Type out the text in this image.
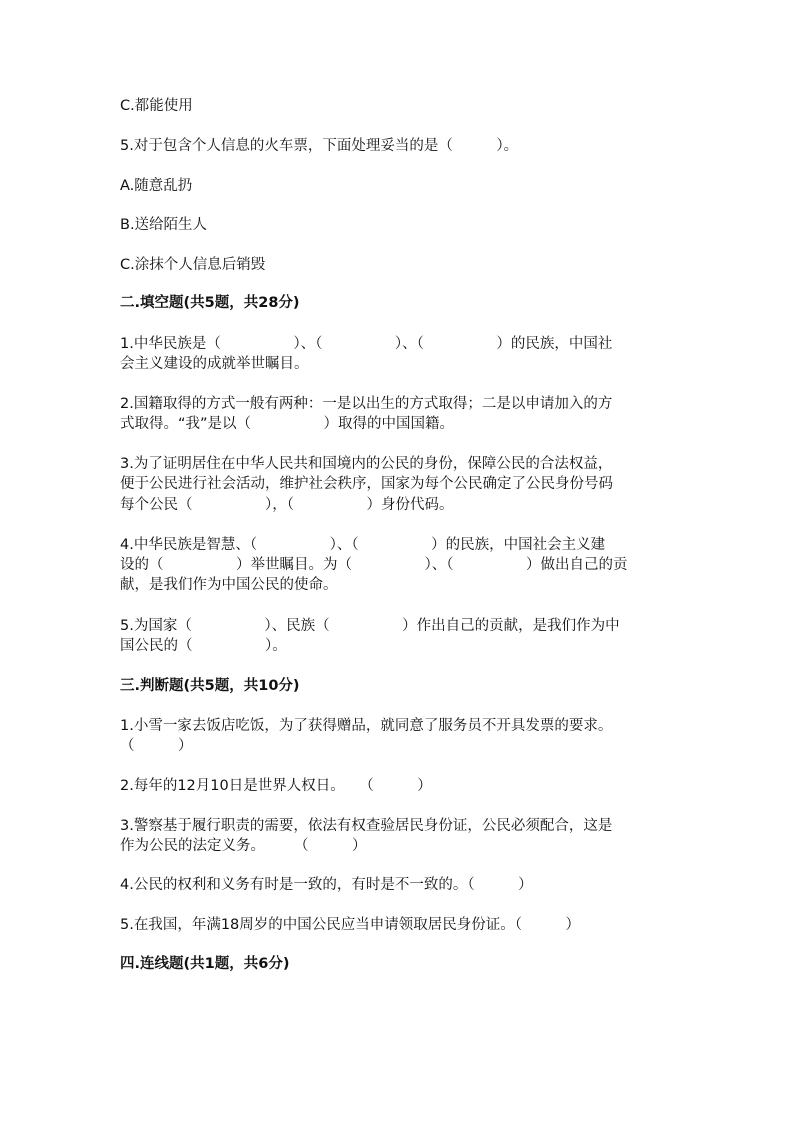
C.都能使用
5.对于包含个人信息的火车票，下面处理妥当的是（　　　）。
A.随意乱扔
B.送给陌生人
C.涂抹个人信息后销毁
二.填空题(共5题，共28分)
1.中华民族是（　　　　　）、（　　　　　）、（　　　　　）的民族，中国社
会主义建设的成就举世瞩目。
2.国籍取得的方式一般有两种：一是以出生的方式取得；二是以申请加入的方
式取得。“我”是以（　　　　　）取得的中国国籍。
3.为了证明居住在中华人民共和国境内的公民的身份，保障公民的合法权益，
便于公民进行社会活动，维护社会秩序，国家为每个公民确定了公民身份号码
每个公民（　　　　　），（　　　　　）身份代码。
4.中华民族是智慧、（　　　　　）、（　　　　　）的民族，中国社会主义建
设的（　　　　　）举世瞩目。为（　　　　　）、（　　　　　）做出自己的贡
献，是我们作为中国公民的使命。
5.为国家（　　　　　）、民族（　　　　　）作出自己的贡献，是我们作为中
国公民的（　　　　　）。
三.判断题(共5题，共10分)
1.小雪一家去饭店吃饭，为了获得赠品，就同意了服务员不开具发票的要求。
（　　　）
2.每年的12月10日是世界人权日。　　（　　　）
3.警察基于履行职责的需要，依法有权查验居民身份证，公民必须配合，这是
作为公民的法定义务。　　　（　　　）
4.公民的权利和义务有时是一致的，有时是不一致的。（　　　）
5.在我国，年满18周岁的中国公民应当申请领取居民身份证。（　　　）
四.连线题(共1题，共6分)
